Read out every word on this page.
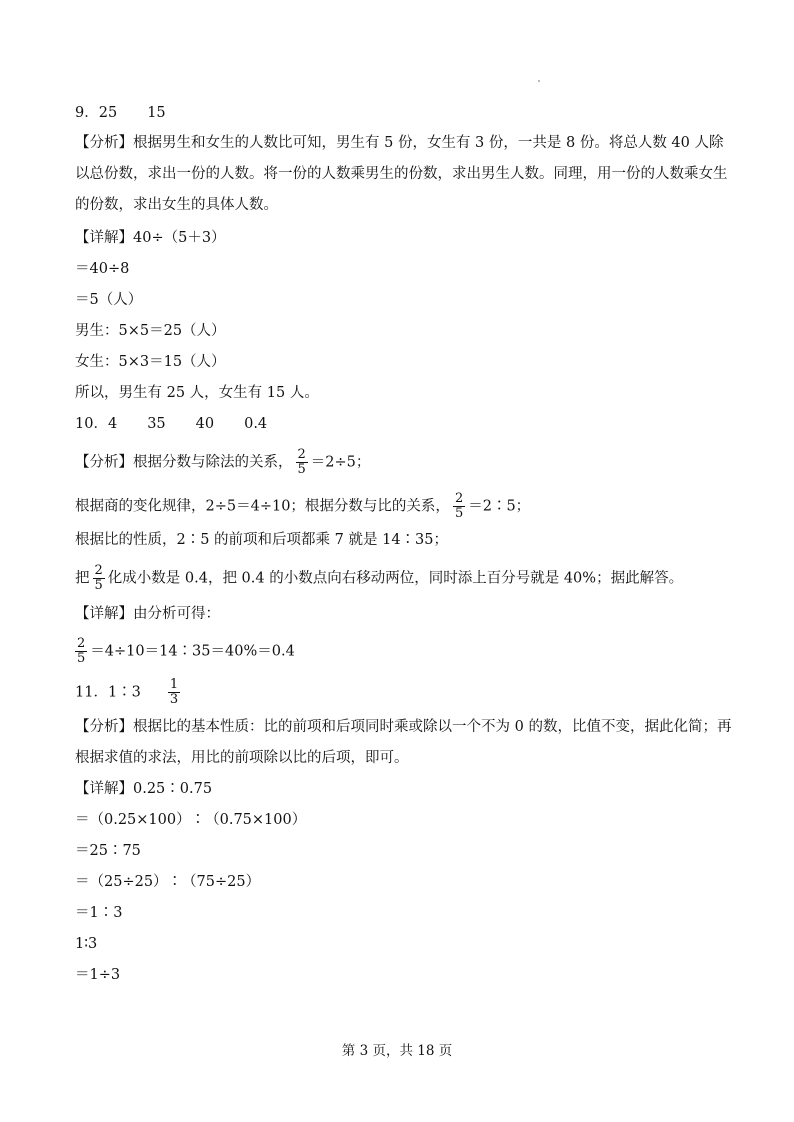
9．25 15
【分析】根据男生和女生的人数比可知，男生有 5 份，女生有 3 份，一共是 8 份。将总人数 40 人除以总份数，求出一份的人数。将一份的人数乘男生的份数，求出男生人数。同理，用一份的人数乘女生的份数，求出女生的具体人数。
【详解】40÷（5＋3）
＝40÷8
＝5（人）
男生：5×5＝25（人）
女生：5×3＝15（人）
所以，男生有 25 人，女生有 15 人。
10．4 35 40 0.4
【分析】根据分数与除法的关系， $\frac{2}{5} =2\div 5$；
根据商的变化规律，2÷5＝4÷10；根据分数与比的关系， $\frac{2}{5}$ ＝2∶5；
根据比的性质，2∶5 的前项和后项都乘 7 就是 14∶35；
把 $\frac{2}{5}$ 化成小数是 0.4，把 0.4 的小数点向右移动两位，同时添上百分号就是 40%；据此解答。
【详解】由分析可得：
$\frac{2}{5}$ ＝4÷10＝14∶35＝40%＝0.4
11．1∶3 $\frac{1}{3}$
【分析】根据比的基本性质：比的前项和后项同时乘或除以一个不为 0 的数，比值不变，据此化简；再根据求值的求法，用比的前项除以比的后项，即可。
【详解】0.25∶0.75
＝（0.25×100）∶（0.75×100）
＝25∶75
＝（25÷25）∶（75÷25）
＝1∶3
1∶3
＝1÷3
第 3 页，共 18 页
